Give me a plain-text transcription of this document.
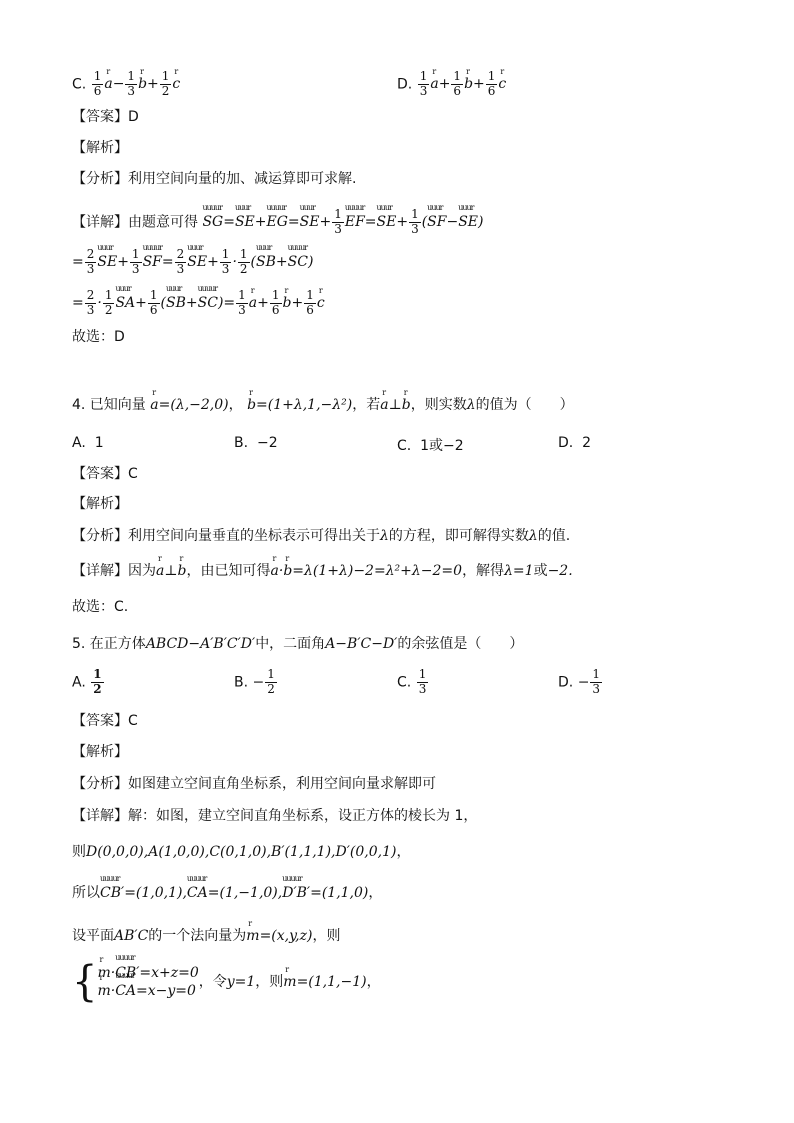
C. $\frac{1}{6}$ r $a- \frac{1}{3}$ r $b+ \frac{1}{2}$ r c	D. $\frac{1}{3}$ r $a+ \frac{1}{6}$ r $b+ \frac{1}{6}$ r c
【答案】D
【解析】
【分析】利用空间向量的加、减运算即可求解.
【详解】由题意可得 uuuur SG=uuur SE+uuuur EG=uuur $SE+ \frac{1}{3}$ uuuur EF=uuur $SE+ \frac{1}{3}$ (uuur SF−uuur SE)
= $\frac{2}{3}$ uuur $SE+ \frac{1}{3}$ uuuur $SF= \frac{2}{3}$ uuur $SE+ \frac{1}{3} \cdot \frac{1}{2}$ (uuur SB+uuuur SC)
= $\frac{2}{3} \cdot \frac{1}{2}$ uuur $SA+ \frac{1}{6}$ (uuur SB+uuuur $SC)= \frac{1}{3}$ r $a+ \frac{1}{6}$ r $b+ \frac{1}{6}$ r c
故选：D
4. 已知向量 r a=(λ,−2,0)， r b=(1+λ,1,−λ²)，若r a⊥r b，则实数λ的值为（　　）
A. 1	B. −2	C. 1或−2	D. 2
【答案】C
【解析】
【分析】利用空间向量垂直的坐标表示可得出关于λ的方程，即可解得实数λ的值.
【详解】因为r a⊥r b，由已知可得r a·r b=λ(1+λ)−2=λ²+λ−2=0，解得λ=1或−2.
故选：C.
5. 在正方体ABCD−A′B′C′D′中，二面角A−B′C−D′的余弦值是（　　）
A. $\frac{1}{2}$	B. − $\frac{1}{2}$	C. $\frac{1}{3}$	D. − $\frac{1}{3}$
【答案】C
【解析】
【分析】如图建立空间直角坐标系，利用空间向量求解即可
【详解】解：如图，建立空间直角坐标系，设正方体的棱长为 1，
则D(0,0,0),A(1,0,0),C(0,1,0),B′(1,1,1),D′(0,0,1)，
所以uuuur CB′=(1,0,1),uuuur CA=(1,−1,0),uuuur D′B′=(1,1,0)，
设平面AB′C的一个法向量为r m=(x,y,z)，则
{ r m·uuuur CB′=x+z=0
r m·uuuur CA=x−y=0
，令y=1，则r m=(1,1,−1)，
